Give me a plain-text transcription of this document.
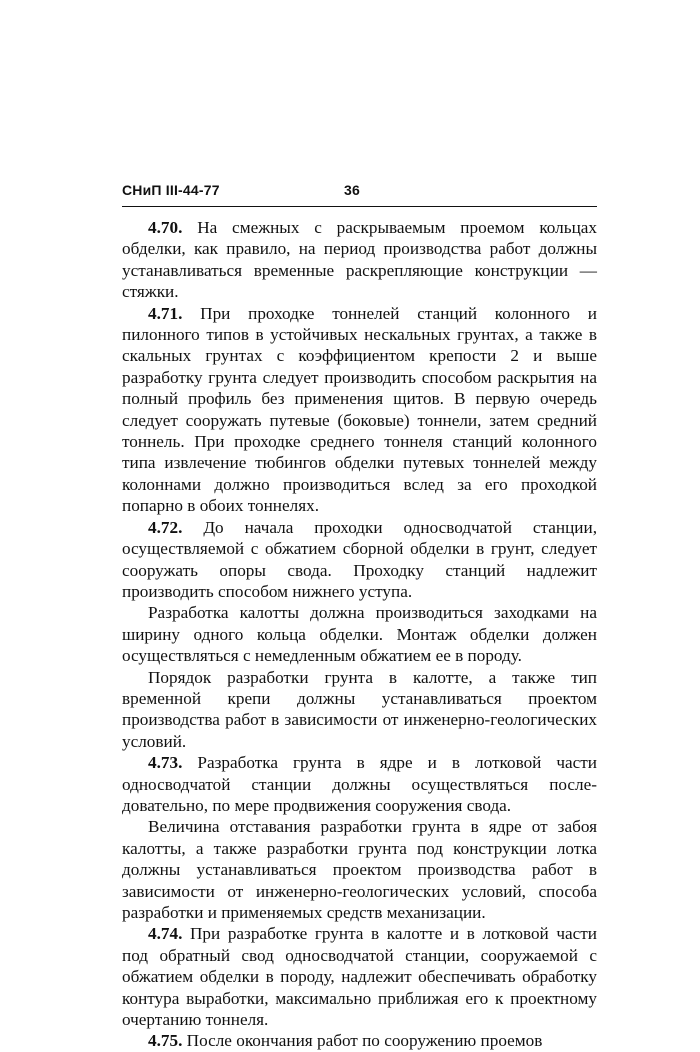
СНиП III-44-77	36

4.70. На смежных с раскрываемым проемом кольцах обделки, как правило, на период производства работ должны устанавливаться временные раскрепляющие конструкции — стяжки.

4.71. При проходке тоннелей станций колонного и пилонного типов в устойчивых нескальных грунтах, а также в скальных грунтах с коэффициентом крепости 2 и выше разработку грунта следует производить способом раскрытия на полный профиль без применения щитов. В первую очередь следует сооружать путевые (боковые) тоннели, затем средний тоннель. При проходке среднего тоннеля станций колонного типа извлечение тюбингов обделки путевых тоннелей между колоннами должно производиться вслед за его проходкой попарно в обоих тоннелях.

4.72. До начала проходки односводчатой станции, осуществляемой с обжатием сборной обделки в грунт, следует сооружать опоры свода. Проходку станций надлежит производить способом нижнего уступа.

Разработка калотты должна производиться заходками на ширину одного кольца обделки. Монтаж обделки должен осуществляться с немедленным обжатием ее в породу.

Порядок разработки грунта в калотте, а также тип временной крепи должны устанавливаться проектом производства работ в зависимости от инженерно-геологических условий.

4.73. Разработка грунта в ядре и в лотковой части односводчатой станции должны осуществляться последовательно, по мере продвижения сооружения свода.

Величина отставания разработки грунта в ядре от забоя калотты, а также разработки грунта под конструкции лотка должны устанавливаться проектом производства работ в зависимости от инженерно-геологических условий, способа разработки и применяемых средств механизации.

4.74. При разработке грунта в калотте и в лотковой части под обратный свод односводчатой станции, сооружаемой с обжатием обделки в породу, надлежит обеспечивать обработку контура выработки, максимально приближая его к проектному очертанию тоннеля.

4.75. После окончания работ по сооружению проемов
